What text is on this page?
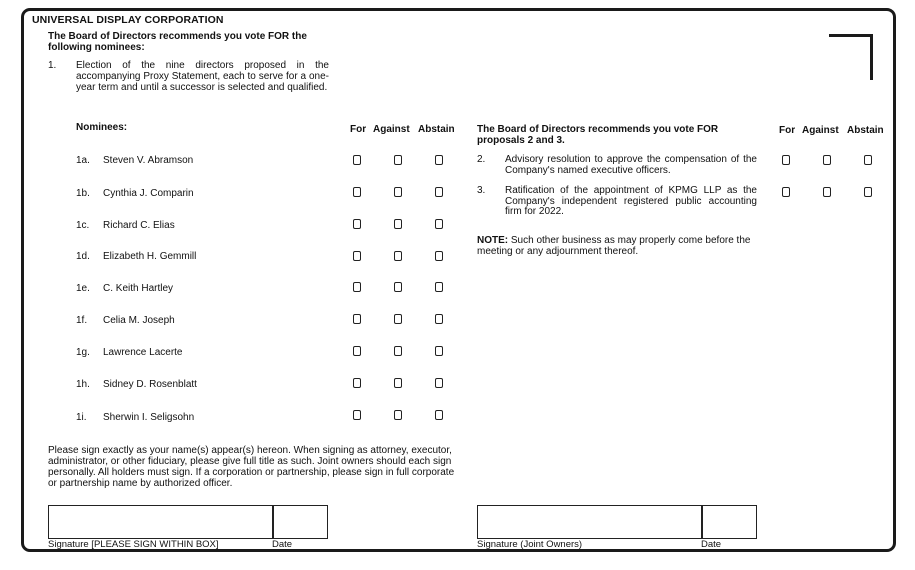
UNIVERSAL DISPLAY CORPORATION
The Board of Directors recommends you vote FOR the following nominees:
1. Election of the nine directors proposed in the accompanying Proxy Statement, each to serve for a one-year term and until a successor is selected and qualified.
Nominees:	For Against Abstain
1a. Steven V. Abramson
1b. Cynthia J. Comparin
1c. Richard C. Elias
1d. Elizabeth H. Gemmill
1e. C. Keith Hartley
1f. Celia M. Joseph
1g. Lawrence Lacerte
1h. Sidney D. Rosenblatt
1i. Sherwin I. Seligsohn
The Board of Directors recommends you vote FOR proposals 2 and 3.
For Against Abstain
2. Advisory resolution to approve the compensation of the Company's named executive officers.
3. Ratification of the appointment of KPMG LLP as the Company's independent registered public accounting firm for 2022.
NOTE: Such other business as may properly come before the meeting or any adjournment thereof.
Please sign exactly as your name(s) appear(s) hereon. When signing as attorney, executor, administrator, or other fiduciary, please give full title as such. Joint owners should each sign personally. All holders must sign. If a corporation or partnership, please sign in full corporate or partnership name by authorized officer.
Signature [PLEASE SIGN WITHIN BOX]	Date	Signature (Joint Owners)	Date
